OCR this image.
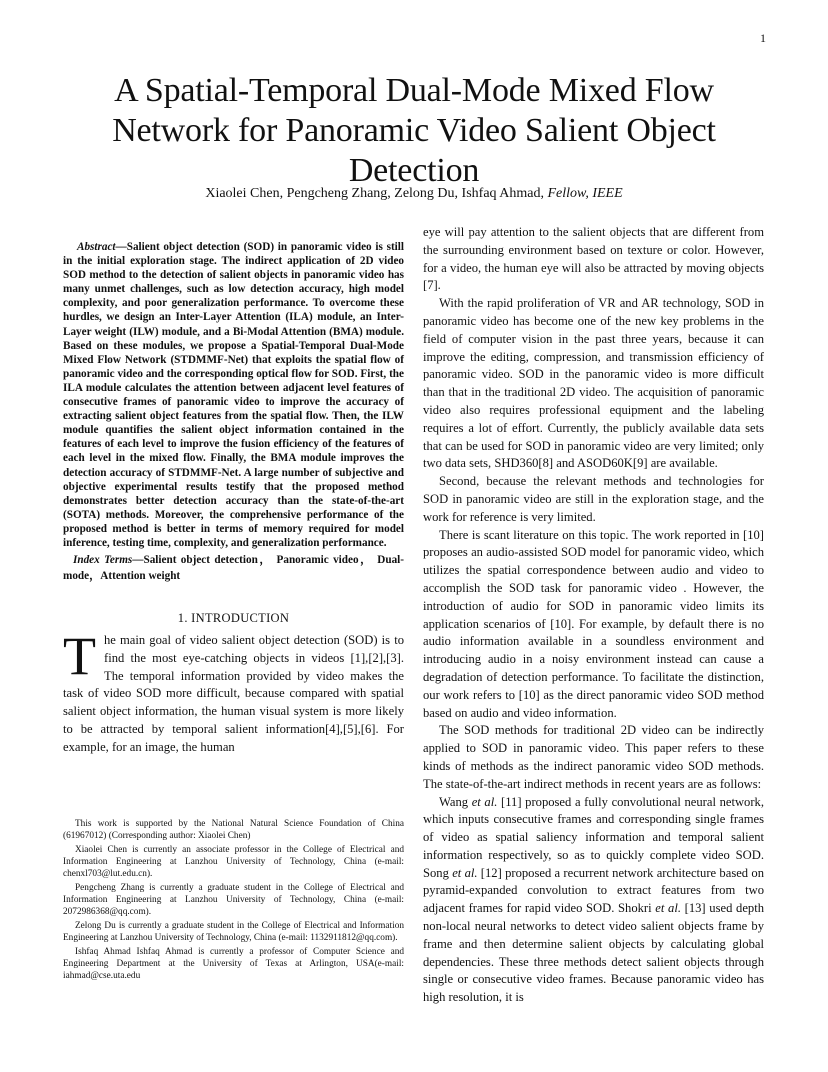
1
A Spatial-Temporal Dual-Mode Mixed Flow Network for Panoramic Video Salient Object Detection
Xiaolei Chen, Pengcheng Zhang, Zelong Du, Ishfaq Ahmad, Fellow, IEEE

Abstract—Salient object detection (SOD) in panoramic video is still in the initial exploration stage. The indirect application of 2D video SOD method to the detection of salient objects in panoramic video has many unmet challenges, such as low detection accuracy, high model complexity, and poor generalization performance. To overcome these hurdles, we design an Inter-Layer Attention (ILA) module, an Inter-Layer weight (ILW) module, and a Bi-Modal Attention (BMA) module. Based on these modules, we propose a Spatial-Temporal Dual-Mode Mixed Flow Network (STDMMF-Net) that exploits the spatial flow of panoramic video and the corresponding optical flow for SOD. First, the ILA module calculates the attention between adjacent level features of consecutive frames of panoramic video to improve the accuracy of extracting salient object features from the spatial flow. Then, the ILW module quantifies the salient object information contained in the features of each level to improve the fusion efficiency of the features of each level in the mixed flow. Finally, the BMA module improves the detection accuracy of STDMMF-Net. A large number of subjective and objective experimental results testify that the proposed method demonstrates better detection accuracy than the state-of-the-art (SOTA) methods. Moreover, the comprehensive performance of the proposed method is better in terms of memory required for model inference, testing time, complexity, and generalization performance.

Index Terms—Salient object detection， Panoramic video， Dual-mode，Attention weight

1. INTRODUCTION

The main goal of video salient object detection (SOD) is to find the most eye-catching objects in videos [1],[2],[3]. The temporal information provided by video makes the task of video SOD more difficult, because compared with spatial salient object information, the human visual system is more likely to be attracted by temporal salient information[4],[5],[6]. For example, for an image, the human

This work is supported by the National Natural Science Foundation of China (61967012) (Corresponding author: Xiaolei Chen)

Xiaolei Chen is currently an associate professor in the College of Electrical and Information Engineering at Lanzhou University of Technology, China (e-mail: chenxl703@lut.edu.cn).

Pengcheng Zhang is currently a graduate student in the College of Electrical and Information Engineering at Lanzhou University of Technology, China (e-mail: 2072986368@qq.com).

Zelong Du is currently a graduate student in the College of Electrical and Information Engineering at Lanzhou University of Technology, China (e-mail: 1132911812@qq.com).

Ishfaq Ahmad Ishfaq Ahmad is currently a professor of Computer Science and Engineering Department at the University of Texas at Arlington, USA(e-mail: iahmad@cse.uta.edu

eye will pay attention to the salient objects that are different from the surrounding environment based on texture or color. However, for a video, the human eye will also be attracted by moving objects [7].

With the rapid proliferation of VR and AR technology, SOD in panoramic video has become one of the new key problems in the field of computer vision in the past three years, because it can improve the editing, compression, and transmission efficiency of panoramic video. SOD in the panoramic video is more difficult than that in the traditional 2D video. The acquisition of panoramic video also requires professional equipment and the labeling requires a lot of effort. Currently, the publicly available data sets that can be used for SOD in panoramic video are very limited; only two data sets, SHD360[8] and ASOD60K[9] are available.

Second, because the relevant methods and technologies for SOD in panoramic video are still in the exploration stage, and the work for reference is very limited.

There is scant literature on this topic. The work reported in [10] proposes an audio-assisted SOD model for panoramic video, which utilizes the spatial correspondence between audio and video to accomplish the SOD task for panoramic video . However, the introduction of audio for SOD in panoramic video limits its application scenarios of [10]. For example, by default there is no audio information available in a soundless environment and introducing audio in a noisy environment instead can cause a degradation of detection performance. To facilitate the distinction, our work refers to [10] as the direct panoramic video SOD method based on audio and video information.

The SOD methods for traditional 2D video can be indirectly applied to SOD in panoramic video. This paper refers to these kinds of methods as the indirect panoramic video SOD methods. The state-of-the-art indirect methods in recent years are as follows:

Wang et al. [11] proposed a fully convolutional neural network, which inputs consecutive frames and corresponding single frames of video as spatial saliency information and temporal salient information respectively, so as to quickly complete video SOD. Song et al. [12] proposed a recurrent network architecture based on pyramid-expanded convolution to extract features from two adjacent frames for rapid video SOD. Shokri et al. [13] used depth non-local neural networks to detect video salient objects frame by frame and then determine salient objects by calculating global dependencies. These three methods detect salient objects through single or consecutive video frames. Because panoramic video has high resolution, it is
